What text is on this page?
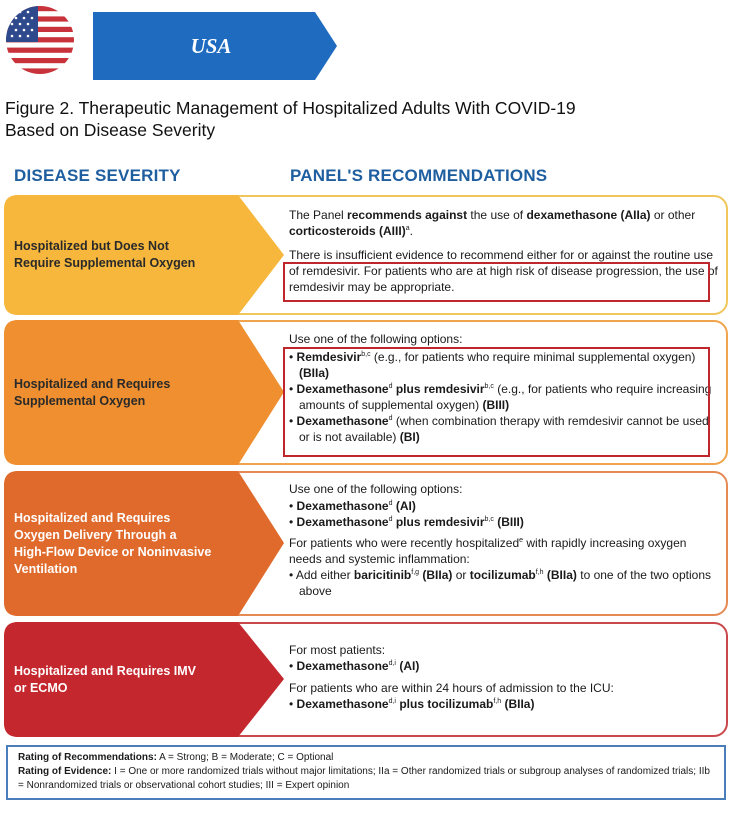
USA
Figure 2. Therapeutic Management of Hospitalized Adults With COVID-19
Based on Disease Severity
DISEASE SEVERITY	PANEL'S RECOMMENDATIONS
Hospitalized but Does Not
Require Supplemental Oxygen

The Panel recommends against the use of dexamethasone (AIIa) or other corticosteroids (AIII)$^a$.

There is insufficient evidence to recommend either for or against the routine use of remdesivir. For patients who are at high risk of disease progression, the use of remdesivir may be appropriate.

Hospitalized and Requires
Supplemental Oxygen

Use one of the following options:

• Remdesivir$^{b,c}$ (e.g., for patients who require minimal supplemental oxygen) (BIIa)
• Dexamethasone$^d$ plus remdesivir$^{b,c}$ (e.g., for patients who require increasing amounts of supplemental oxygen) (BIII)
• Dexamethasone$^d$ (when combination therapy with remdesivir cannot be used or is not available) (BI)
Hospitalized and Requires
Oxygen Delivery Through a
High-Flow Device or Noninvasive
Ventilation

Use one of the following options:

• Dexamethasone$^d$ (AI)
• Dexamethasone$^d$ plus remdesivir$^{b,c}$ (BIII)

For patients who were recently hospitalized$^e$ with rapidly increasing oxygen needs and systemic inflammation:

• Add either baricitinib$^{f,g}$ (BIIa) or tocilizumab$^{f,h}$ (BIIa) to one of the two options above
Hospitalized and Requires IMV
or ECMO

For most patients:

• Dexamethasone$^{d,i}$ (AI)

For patients who are within 24 hours of admission to the ICU:

• Dexamethasone$^{d,i}$ plus tocilizumab$^{f,h}$ (BIIa)
Rating of Recommendations: A = Strong; B = Moderate; C = Optional
Rating of Evidence: I = One or more randomized trials without major limitations; IIa = Other randomized trials or subgroup analyses of randomized trials; IIb = Nonrandomized trials or observational cohort studies; III = Expert opinion
